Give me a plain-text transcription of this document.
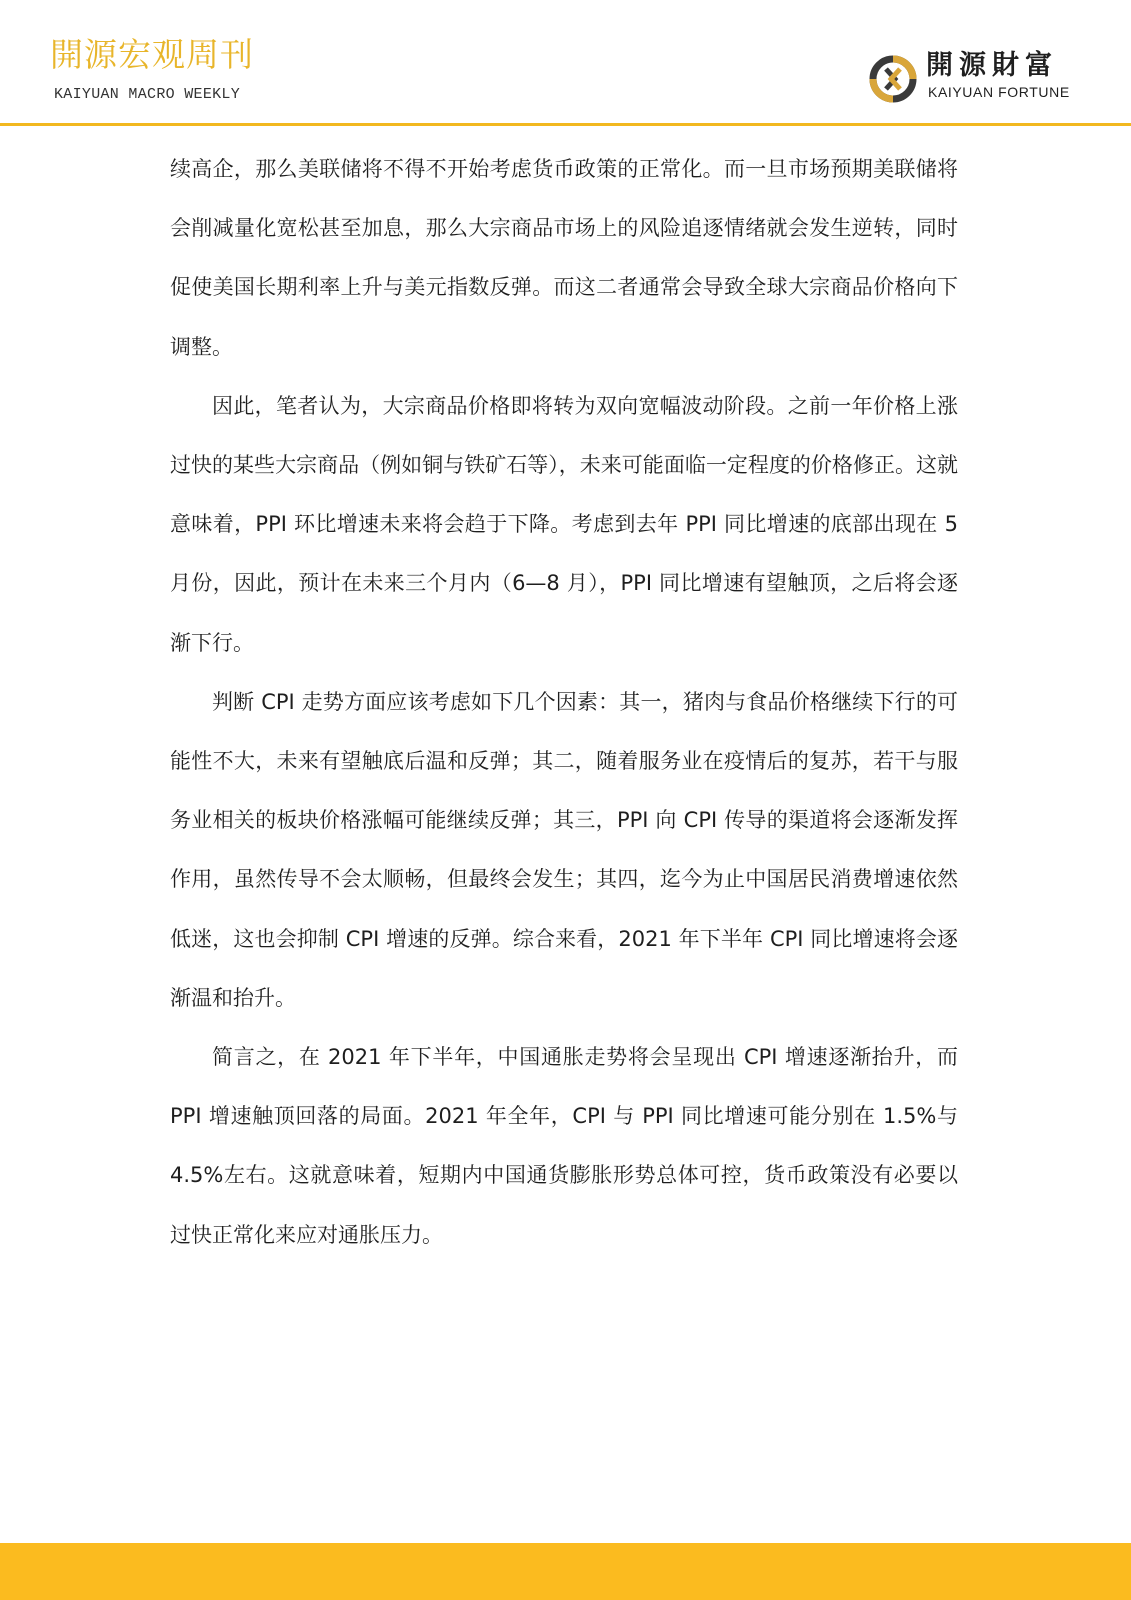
開源宏观周刊
KAIYUAN MACRO WEEKLY
開源財富
KAIYUAN FORTUNE

续高企，那么美联储将不得不开始考虑货币政策的正常化。而一旦市场预期美联储将会削减量化宽松甚至加息，那么大宗商品市场上的风险追逐情绪就会发生逆转，同时促使美国长期利率上升与美元指数反弹。而这二者通常会导致全球大宗商品价格向下调整。

因此，笔者认为，大宗商品价格即将转为双向宽幅波动阶段。之前一年价格上涨过快的某些大宗商品（例如铜与铁矿石等），未来可能面临一定程度的价格修正。这就意味着，PPI 环比增速未来将会趋于下降。考虑到去年 PPI 同比增速的底部出现在 5 月份，因此，预计在未来三个月内（6—8 月），PPI 同比增速有望触顶，之后将会逐渐下行。

判断 CPI 走势方面应该考虑如下几个因素：其一，猪肉与食品价格继续下行的可能性不大，未来有望触底后温和反弹；其二，随着服务业在疫情后的复苏，若干与服务业相关的板块价格涨幅可能继续反弹；其三，PPI 向 CPI 传导的渠道将会逐渐发挥作用，虽然传导不会太顺畅，但最终会发生；其四，迄今为止中国居民消费增速依然低迷，这也会抑制 CPI 增速的反弹。综合来看，2021 年下半年 CPI 同比增速将会逐渐温和抬升。

简言之，在 2021 年下半年，中国通胀走势将会呈现出 CPI 增速逐渐抬升，而 PPI 增速触顶回落的局面。2021 年全年，CPI 与 PPI 同比增速可能分别在 1.5%与 4.5%左右。这就意味着，短期内中国通货膨胀形势总体可控，货币政策没有必要以过快正常化来应对通胀压力。
